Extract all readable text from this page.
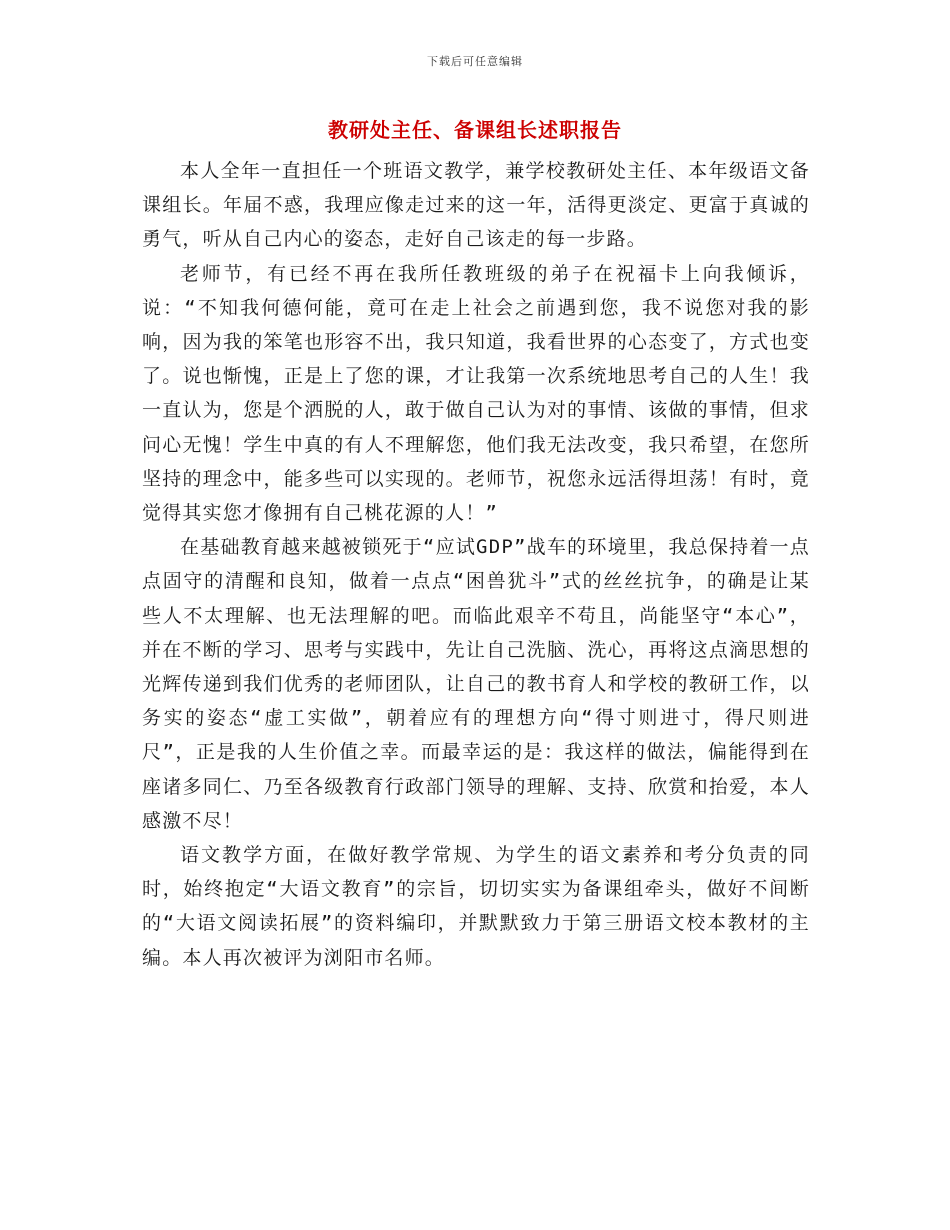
下载后可任意编辑
教研处主任、备课组长述职报告

本人全年一直担任一个班语文教学，兼学校教研处主任、本年级语文备课组长。年届不惑，我理应像走过来的这一年，活得更淡定、更富于真诚的勇气，听从自己内心的姿态，走好自己该走的每一步路。

老师节，有已经不再在我所任教班级的弟子在祝福卡上向我倾诉，说：“不知我何德何能，竟可在走上社会之前遇到您，我不说您对我的影响，因为我的笨笔也形容不出，我只知道，我看世界的心态变了，方式也变了。说也惭愧，正是上了您的课，才让我第一次系统地思考自己的人生！我一直认为，您是个洒脱的人，敢于做自己认为对的事情、该做的事情，但求问心无愧！学生中真的有人不理解您，他们我无法改变，我只希望，在您所坚持的理念中，能多些可以实现的。老师节，祝您永远活得坦荡！有时，竟觉得其实您才像拥有自己桃花源的人！”

在基础教育越来越被锁死于“应试GDP”战车的环境里，我总保持着一点点固守的清醒和良知，做着一点点“困兽犹斗”式的丝丝抗争，的确是让某些人不太理解、也无法理解的吧。而临此艰辛不苟且，尚能坚守“本心”，并在不断的学习、思考与实践中，先让自己洗脑、洗心，再将这点滴思想的光辉传递到我们优秀的老师团队，让自己的教书育人和学校的教研工作，以务实的姿态“虚工实做”，朝着应有的理想方向“得寸则进寸，得尺则进尺”，正是我的人生价值之幸。而最幸运的是：我这样的做法，偏能得到在座诸多同仁、乃至各级教育行政部门领导的理解、支持、欣赏和抬爱，本人感激不尽！

语文教学方面，在做好教学常规、为学生的语文素养和考分负责的同时，始终抱定“大语文教育”的宗旨，切切实实为备课组牵头，做好不间断的“大语文阅读拓展”的资料编印，并默默致力于第三册语文校本教材的主编。本人再次被评为浏阳市名师。
